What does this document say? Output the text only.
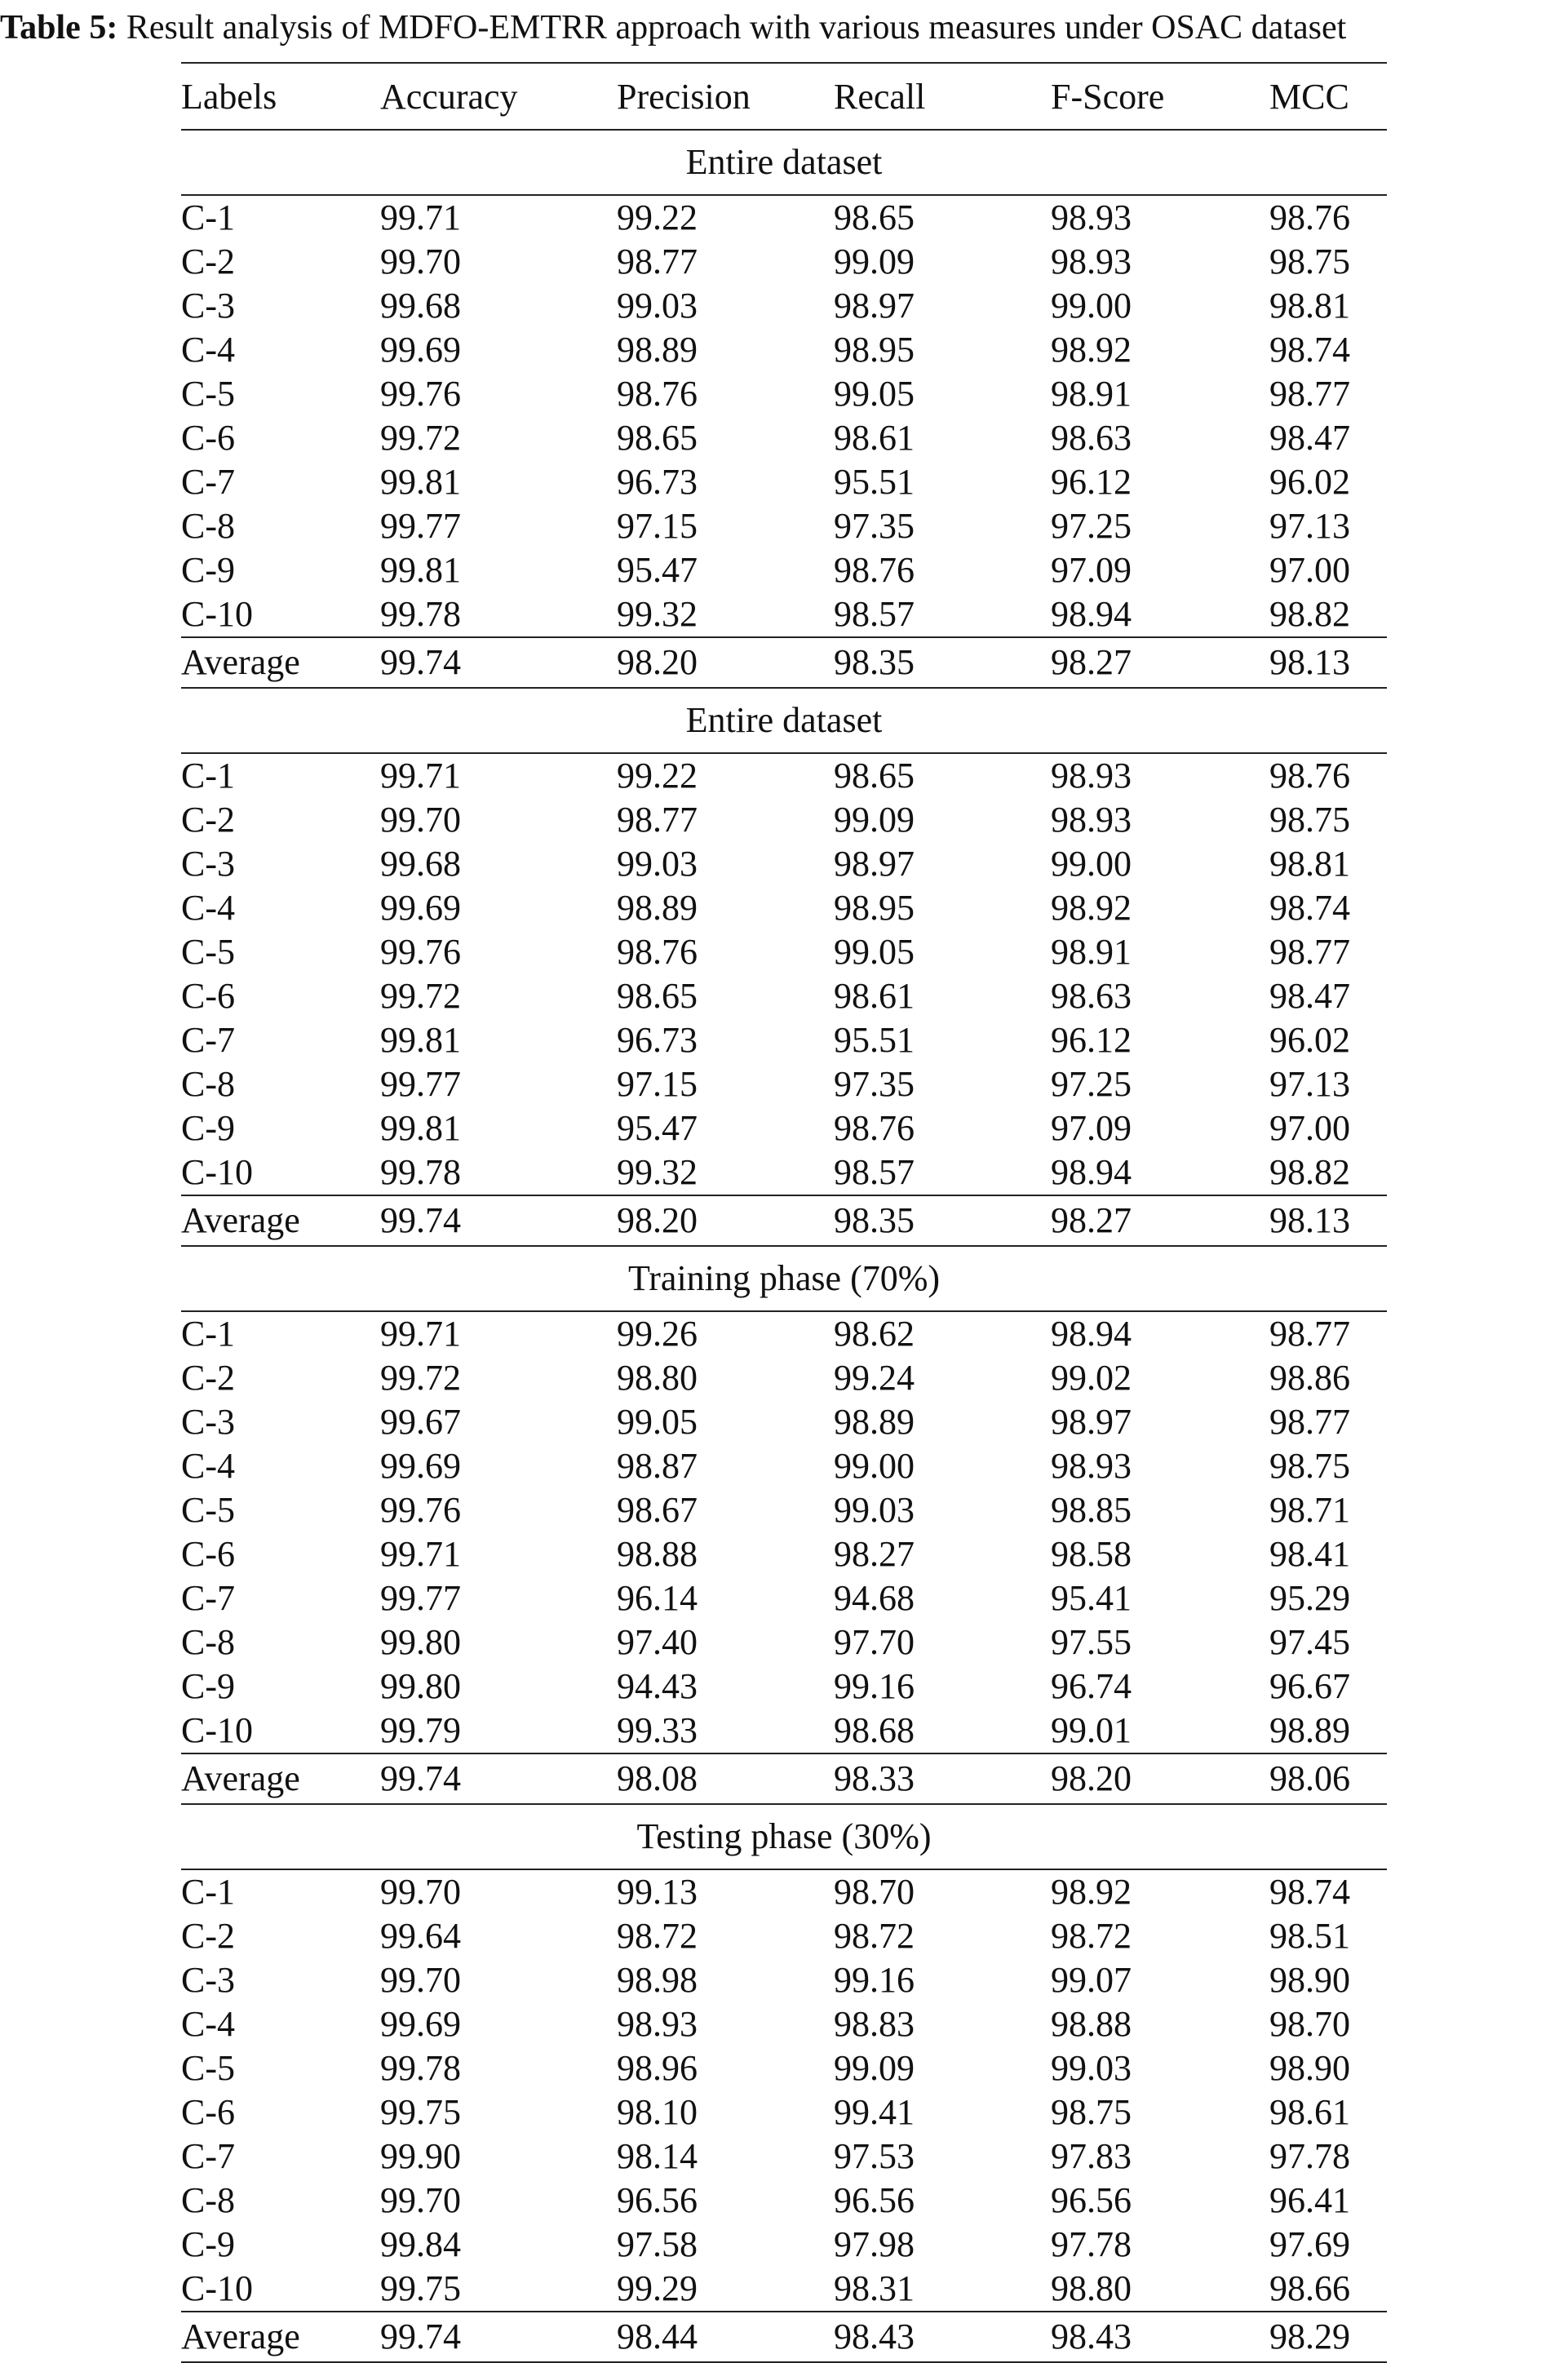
Table 5: Result analysis of MDFO-EMTRR approach with various measures under OSAC dataset
Labels	Accuracy	Precision	Recall	F-Score	MCC
Entire dataset					
C-1	99.71	99.22	98.65	98.93	98.76
C-2	99.70	98.77	99.09	98.93	98.75
C-3	99.68	99.03	98.97	99.00	98.81
C-4	99.69	98.89	98.95	98.92	98.74
C-5	99.76	98.76	99.05	98.91	98.77
C-6	99.72	98.65	98.61	98.63	98.47
C-7	99.81	96.73	95.51	96.12	96.02
C-8	99.77	97.15	97.35	97.25	97.13
C-9	99.81	95.47	98.76	97.09	97.00
C-10	99.78	99.32	98.57	98.94	98.82
Average	99.74	98.20	98.35	98.27	98.13
Entire dataset					
C-1	99.71	99.22	98.65	98.93	98.76
C-2	99.70	98.77	99.09	98.93	98.75
C-3	99.68	99.03	98.97	99.00	98.81
C-4	99.69	98.89	98.95	98.92	98.74
C-5	99.76	98.76	99.05	98.91	98.77
C-6	99.72	98.65	98.61	98.63	98.47
C-7	99.81	96.73	95.51	96.12	96.02
C-8	99.77	97.15	97.35	97.25	97.13
C-9	99.81	95.47	98.76	97.09	97.00
C-10	99.78	99.32	98.57	98.94	98.82
Average	99.74	98.20	98.35	98.27	98.13
Training phase (70%)					
C-1	99.71	99.26	98.62	98.94	98.77
C-2	99.72	98.80	99.24	99.02	98.86
C-3	99.67	99.05	98.89	98.97	98.77
C-4	99.69	98.87	99.00	98.93	98.75
C-5	99.76	98.67	99.03	98.85	98.71
C-6	99.71	98.88	98.27	98.58	98.41
C-7	99.77	96.14	94.68	95.41	95.29
C-8	99.80	97.40	97.70	97.55	97.45
C-9	99.80	94.43	99.16	96.74	96.67
C-10	99.79	99.33	98.68	99.01	98.89
Average	99.74	98.08	98.33	98.20	98.06
Testing phase (30%)					
C-1	99.70	99.13	98.70	98.92	98.74
C-2	99.64	98.72	98.72	98.72	98.51
C-3	99.70	98.98	99.16	99.07	98.90
C-4	99.69	98.93	98.83	98.88	98.70
C-5	99.78	98.96	99.09	99.03	98.90
C-6	99.75	98.10	99.41	98.75	98.61
C-7	99.90	98.14	97.53	97.83	97.78
C-8	99.70	96.56	96.56	96.56	96.41
C-9	99.84	97.58	97.98	97.78	97.69
C-10	99.75	99.29	98.31	98.80	98.66
Average	99.74	98.44	98.43	98.43	98.29
